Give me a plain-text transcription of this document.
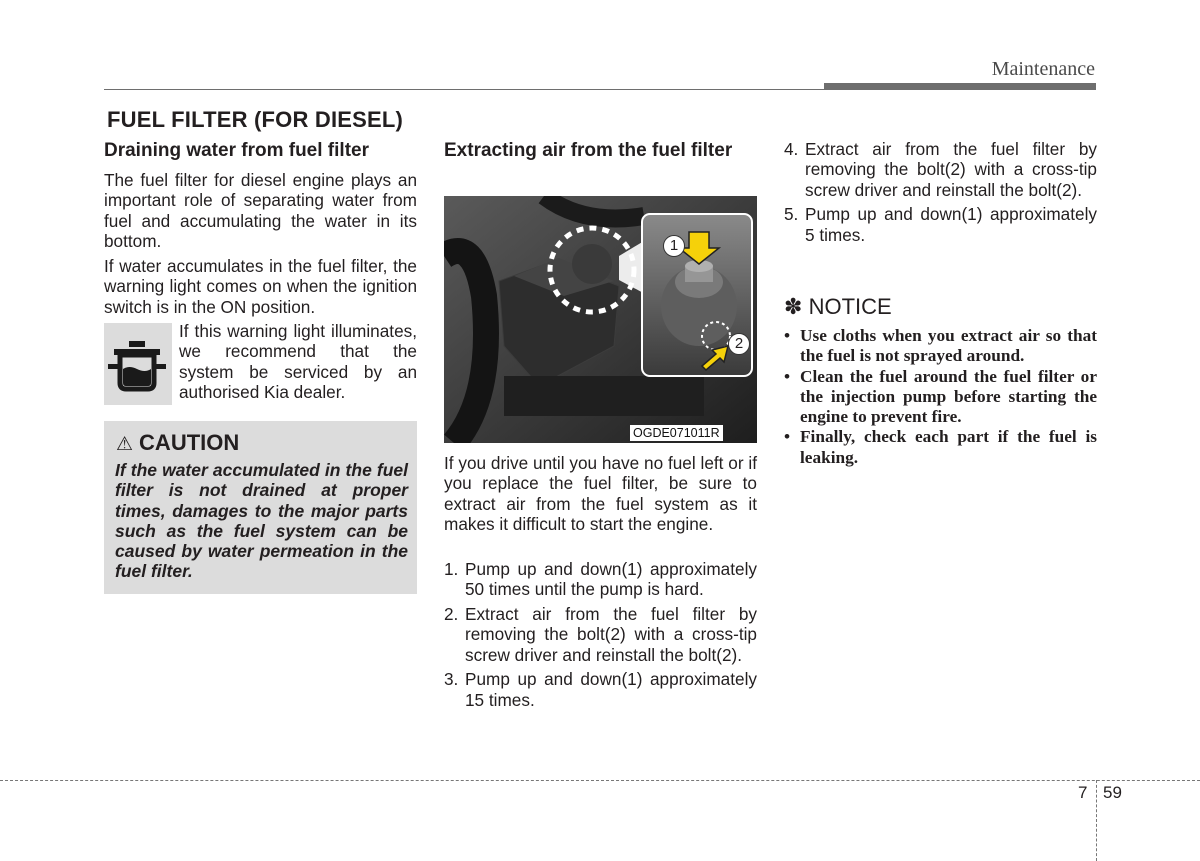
Maintenance
FUEL FILTER (FOR DIESEL)
Draining water from fuel filter
The fuel filter for diesel engine plays an important role of separating water from fuel and accumulating the water in its bottom.
If water accumulates in the fuel filter, the warning light comes on when the ignition switch is in the ON position.
If this warning light illuminates, we recommend that the system be serviced by an authorised Kia dealer.
⚠ CAUTION
If the water accumulated in the fuel filter is not drained at proper times, damages to the major parts such as the fuel system can be caused by water permeation in the fuel filter.
Extracting air from the fuel filter
1
2
OGDE071011R
If you drive until you have no fuel left or if you replace the fuel filter, be sure to extract air from the fuel system as it makes it difficult to start the engine.
1. Pump up and down(1) approximately 50 times until the pump is hard.
2. Extract air from the fuel filter by removing the bolt(2) with a cross-tip screw driver and reinstall the bolt(2).
3. Pump up and down(1) approximately 15 times.
4. Extract air from the fuel filter by removing the bolt(2) with a cross-tip screw driver and reinstall the bolt(2).
5. Pump up and down(1) approximately 5 times.
✽ NOTICE
• Use cloths when you extract air so that the fuel is not sprayed around.
• Clean the fuel around the fuel filter or the injection pump before starting the engine to prevent fire.
• Finally, check each part if the fuel is leaking.
7 59
